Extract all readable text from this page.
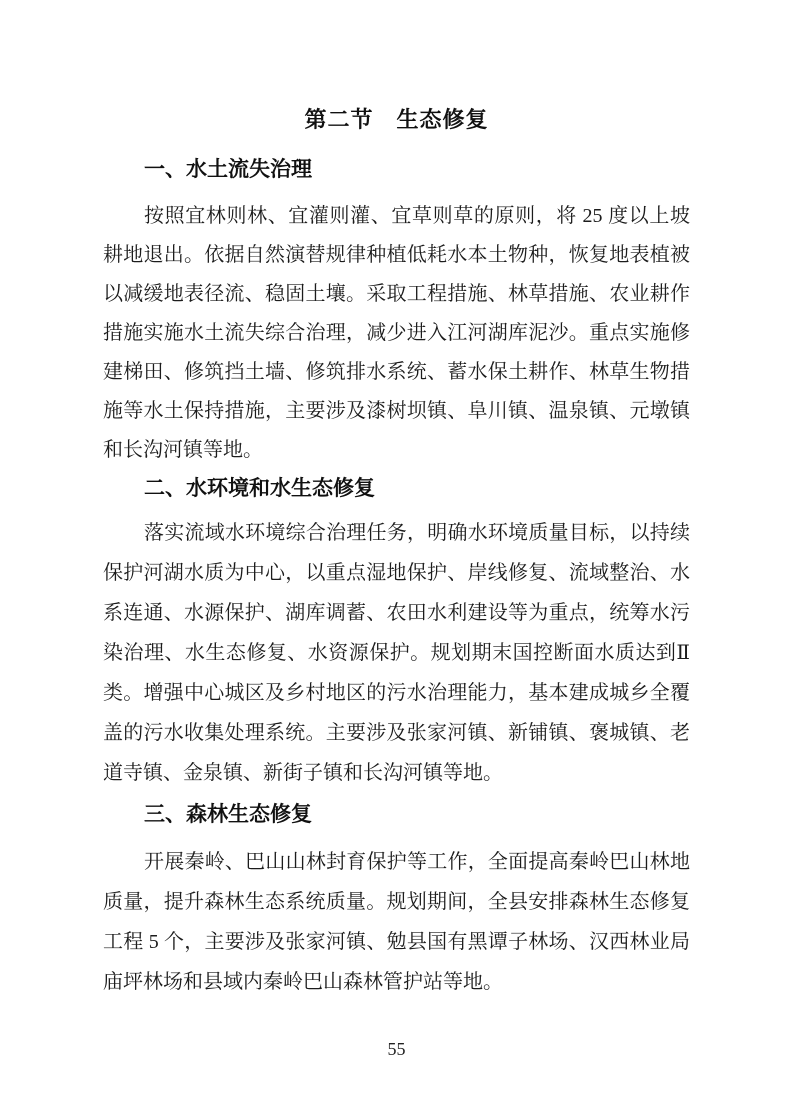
第二节　生态修复
一、水土流失治理
按照宜林则林、宜灌则灌、宜草则草的原则，将 25 度以上坡
耕地退出。依据自然演替规律种植低耗水本土物种，恢复地表植被
以减缓地表径流、稳固土壤。采取工程措施、林草措施、农业耕作
措施实施水土流失综合治理，减少进入江河湖库泥沙。重点实施修
建梯田、修筑挡土墙、修筑排水系统、蓄水保土耕作、林草生物措
施等水土保持措施，主要涉及漆树坝镇、阜川镇、温泉镇、元墩镇
和长沟河镇等地。
二、水环境和水生态修复
落实流域水环境综合治理任务，明确水环境质量目标，以持续
保护河湖水质为中心，以重点湿地保护、岸线修复、流域整治、水
系连通、水源保护、湖库调蓄、农田水利建设等为重点，统筹水污
染治理、水生态修复、水资源保护。规划期末国控断面水质达到Ⅱ
类。增强中心城区及乡村地区的污水治理能力，基本建成城乡全覆
盖的污水收集处理系统。主要涉及张家河镇、新铺镇、褒城镇、老
道寺镇、金泉镇、新街子镇和长沟河镇等地。
三、森林生态修复
开展秦岭、巴山山林封育保护等工作，全面提高秦岭巴山林地
质量，提升森林生态系统质量。规划期间，全县安排森林生态修复
工程 5 个，主要涉及张家河镇、勉县国有黑谭子林场、汉西林业局
庙坪林场和县域内秦岭巴山森林管护站等地。
55
